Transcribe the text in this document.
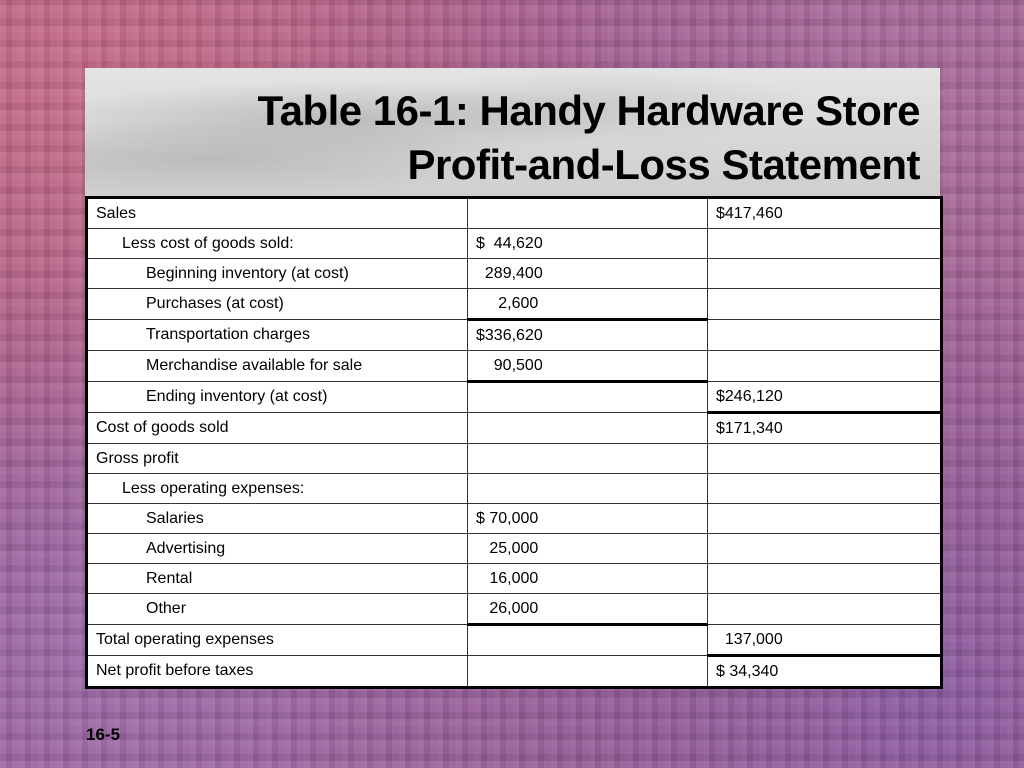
Table 16-1: Handy Hardware Store
Profit-and-Loss Statement
Sales		$417,460
Less cost of goods sold:	$  44,620	
Beginning inventory (at cost)	289,400	
Purchases (at cost)	2,600	
Transportation charges	$336,620	
Merchandise available for sale	90,500	
Ending inventory (at cost)		$246,120
Cost of goods sold		$171,340
Gross profit		
Less operating expenses:		
Salaries	$ 70,000	
Advertising	25,000	
Rental	16,000	
Other	26,000	
Total operating expenses		137,000
Net profit before taxes		$ 34,340
16-5
